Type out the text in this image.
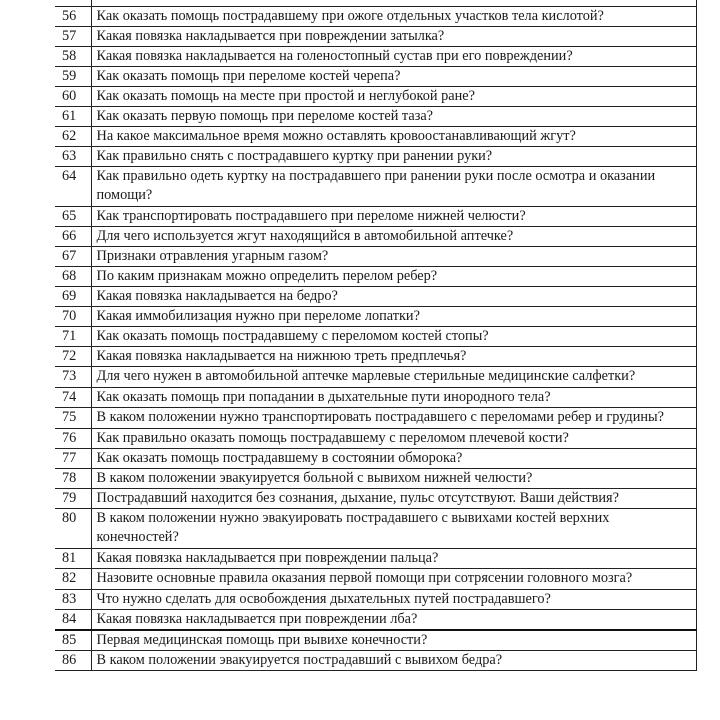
56	Как оказать помощь пострадавшему при ожоге отдельных участков тела кислотой?
57	Какая повязка накладывается при повреждении затылка?
58	Какая повязка накладывается на голеностопный сустав при его повреждении?
59	Как оказать помощь при переломе костей черепа?
60	Как оказать помощь на месте при простой и неглубокой ране?
61	Как оказать первую помощь при переломе костей таза?
62	На какое максимальное время можно оставлять кровоостанавливающий жгут?
63	Как правильно снять с пострадавшего куртку при ранении руки?
64	Как правильно одеть куртку на пострадавшего при ранении руки после осмотра и оказании помощи?
65	Как транспортировать пострадавшего при переломе нижней челюсти?
66	Для чего используется жгут находящийся в автомобильной аптечке?
67	Признаки отравления угарным газом?
68	По каким признакам можно определить перелом ребер?
69	Какая повязка накладывается на бедро?
70	Какая иммобилизация нужно при переломе лопатки?
71	Как оказать помощь пострадавшему с переломом костей стопы?
72	Какая повязка накладывается на нижнюю треть предплечья?
73	Для чего нужен в автомобильной аптечке марлевые стерильные медицинские салфетки?
74	Как оказать помощь при попадании в дыхательные пути инородного тела?
75	В каком положении нужно транспортировать пострадавшего с переломами ребер и грудины?
76	Как правильно оказать помощь пострадавшему с переломом плечевой кости?
77	Как оказать помощь пострадавшему в состоянии обморока?
78	В каком положении эвакуируется больной с вывихом нижней челюсти?
79	Пострадавший находится без сознания, дыхание, пульс отсутствуют. Ваши действия?
80	В каком положении нужно эвакуировать пострадавшего с вывихами костей верхних конечностей?
81	Какая повязка накладывается при повреждении пальца?
82	Назовите основные правила оказания первой помощи при сотрясении головного мозга?
83	Что нужно сделать для освобождения дыхательных путей пострадавшего?
84	Какая повязка накладывается при повреждении лба?
85	Первая медицинская помощь при вывихе конечности?
86	В каком положении эвакуируется пострадавший с вывихом бедра?
